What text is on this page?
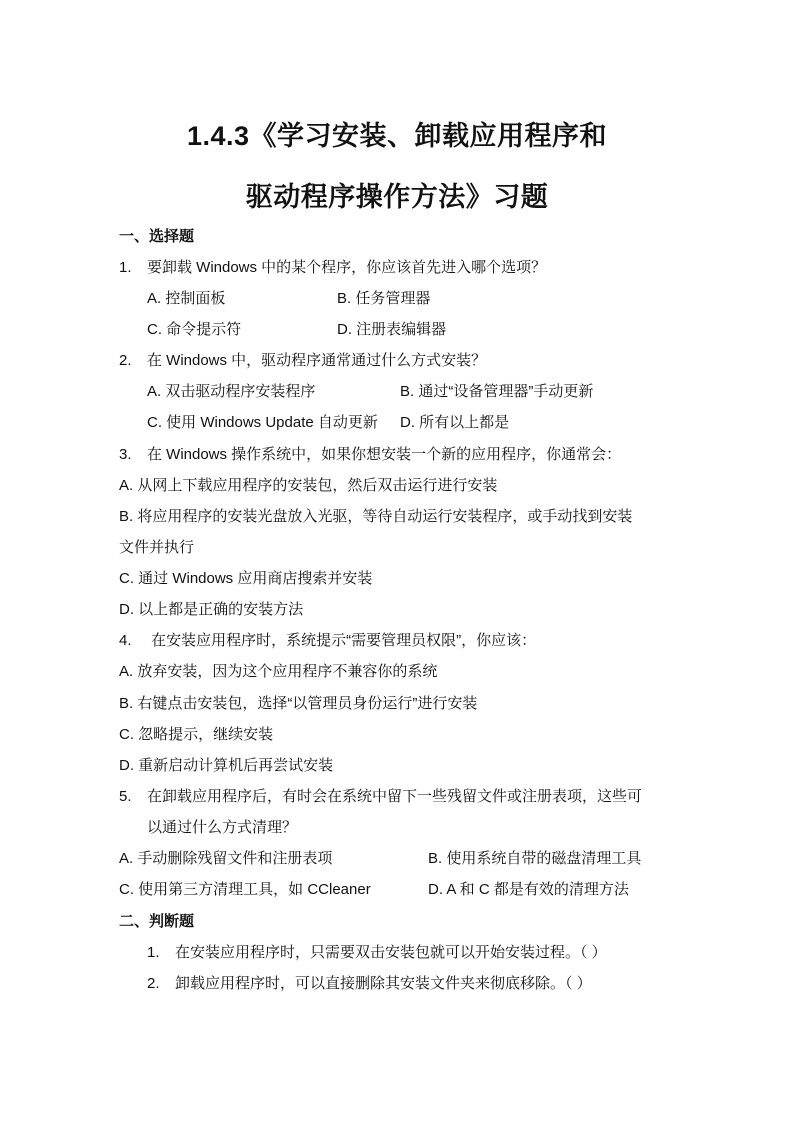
1.4.3《学习安装、卸载应用程序和
驱动程序操作方法》习题
一、选择题
1. 要卸载 Windows 中的某个程序，你应该首先进入哪个选项？
A. 控制面板	B. 任务管理器
C. 命令提示符	D. 注册表编辑器
2. 在 Windows 中，驱动程序通常通过什么方式安装？
A. 双击驱动程序安装程序	B. 通过“设备管理器”手动更新
C. 使用 Windows Update 自动更新 D. 所有以上都是
3. 在 Windows 操作系统中，如果你想安装一个新的应用程序，你通常会：
A. 从网上下载应用程序的安装包，然后双击运行进行安装
B. 将应用程序的安装光盘放入光驱，等待自动运行安装程序，或手动找到安装
文件并执行
C. 通过 Windows 应用商店搜索并安装
D. 以上都是正确的安装方法
4. 在安装应用程序时，系统提示“需要管理员权限”，你应该：
A. 放弃安装，因为这个应用程序不兼容你的系统
B. 右键点击安装包，选择“以管理员身份运行”进行安装
C. 忽略提示，继续安装
D. 重新启动计算机后再尝试安装
5. 在卸载应用程序后，有时会在系统中留下一些残留文件或注册表项，这些可
以通过什么方式清理？
A. 手动删除残留文件和注册表项	B. 使用系统自带的磁盘清理工具
C. 使用第三方清理工具，如 CCleaner	D. A 和 C 都是有效的清理方法
二、判断题
1. 在安装应用程序时，只需要双击安装包就可以开始安装过程。（ ）
2. 卸载应用程序时，可以直接删除其安装文件夹来彻底移除。（ ）
